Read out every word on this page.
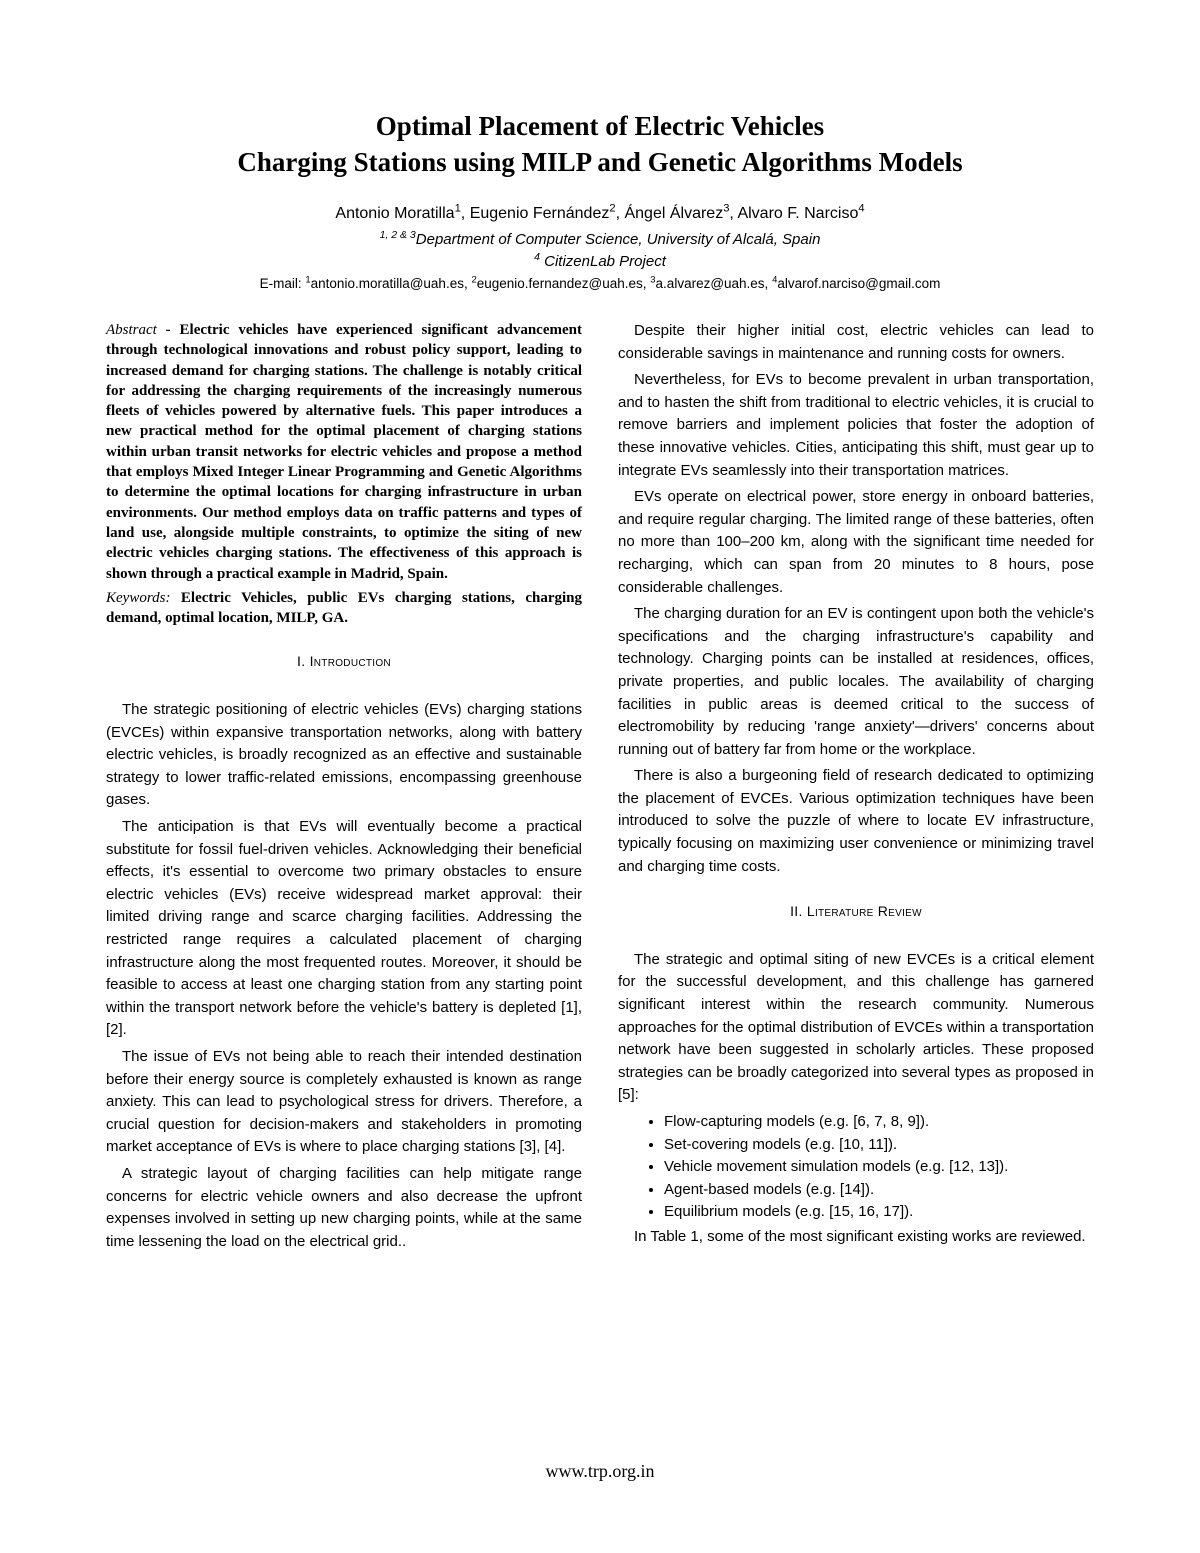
Optimal Placement of Electric Vehicles
Charging Stations using MILP and Genetic Algorithms Models
Antonio Moratilla$^1$, Eugenio Fernández$^2$, Ángel Álvarez$^3$, Alvaro F. Narciso$^4$
$^{1, 2 \& 3}$Department of Computer Science, University of Alcalá, Spain
$^4$ CitizenLab Project
E-mail: $^1$antonio.moratilla@uah.es, $^2$eugenio.fernandez@uah.es, $^3$a.alvarez@uah.es, $^4$alvarof.narciso@gmail.com

Abstract - Electric vehicles have experienced significant advancement through technological innovations and robust policy support, leading to increased demand for charging stations. The challenge is notably critical for addressing the charging requirements of the increasingly numerous fleets of vehicles powered by alternative fuels. This paper introduces a new practical method for the optimal placement of charging stations within urban transit networks for electric vehicles and propose a method that employs Mixed Integer Linear Programming and Genetic Algorithms to determine the optimal locations for charging infrastructure in urban environments. Our method employs data on traffic patterns and types of land use, alongside multiple constraints, to optimize the siting of new electric vehicles charging stations. The effectiveness of this approach is shown through a practical example in Madrid, Spain.

Keywords: Electric Vehicles, public EVs charging stations, charging demand, optimal location, MILP, GA.

I. Introduction

The strategic positioning of electric vehicles (EVs) charging stations (EVCEs) within expansive transportation networks, along with battery electric vehicles, is broadly recognized as an effective and sustainable strategy to lower traffic-related emissions, encompassing greenhouse gases.

The anticipation is that EVs will eventually become a practical substitute for fossil fuel-driven vehicles. Acknowledging their beneficial effects, it's essential to overcome two primary obstacles to ensure electric vehicles (EVs) receive widespread market approval: their limited driving range and scarce charging facilities. Addressing the restricted range requires a calculated placement of charging infrastructure along the most frequented routes. Moreover, it should be feasible to access at least one charging station from any starting point within the transport network before the vehicle's battery is depleted [1], [2].

The issue of EVs not being able to reach their intended destination before their energy source is completely exhausted is known as range anxiety. This can lead to psychological stress for drivers. Therefore, a crucial question for decision-makers and stakeholders in promoting market acceptance of EVs is where to place charging stations [3], [4].

A strategic layout of charging facilities can help mitigate range concerns for electric vehicle owners and also decrease the upfront expenses involved in setting up new charging points, while at the same time lessening the load on the electrical grid..

Despite their higher initial cost, electric vehicles can lead to considerable savings in maintenance and running costs for owners.

Nevertheless, for EVs to become prevalent in urban transportation, and to hasten the shift from traditional to electric vehicles, it is crucial to remove barriers and implement policies that foster the adoption of these innovative vehicles. Cities, anticipating this shift, must gear up to integrate EVs seamlessly into their transportation matrices.

EVs operate on electrical power, store energy in onboard batteries, and require regular charging. The limited range of these batteries, often no more than 100–200 km, along with the significant time needed for recharging, which can span from 20 minutes to 8 hours, pose considerable challenges.

The charging duration for an EV is contingent upon both the vehicle's specifications and the charging infrastructure's capability and technology. Charging points can be installed at residences, offices, private properties, and public locales. The availability of charging facilities in public areas is deemed critical to the success of electromobility by reducing 'range anxiety'—drivers' concerns about running out of battery far from home or the workplace.

There is also a burgeoning field of research dedicated to optimizing the placement of EVCEs. Various optimization techniques have been introduced to solve the puzzle of where to locate EV infrastructure, typically focusing on maximizing user convenience or minimizing travel and charging time costs.

II. Literature Review

The strategic and optimal siting of new EVCEs is a critical element for the successful development, and this challenge has garnered significant interest within the research community. Numerous approaches for the optimal distribution of EVCEs within a transportation network have been suggested in scholarly articles. These proposed strategies can be broadly categorized into several types as proposed in [5]:

• Flow-capturing models (e.g. [6, 7, 8, 9]).
• Set-covering models (e.g. [10, 11]).
• Vehicle movement simulation models (e.g. [12, 13]).
• Agent-based models (e.g. [14]).
• Equilibrium models (e.g. [15, 16, 17]).

In Table 1, some of the most significant existing works are reviewed.

www.trp.org.in
